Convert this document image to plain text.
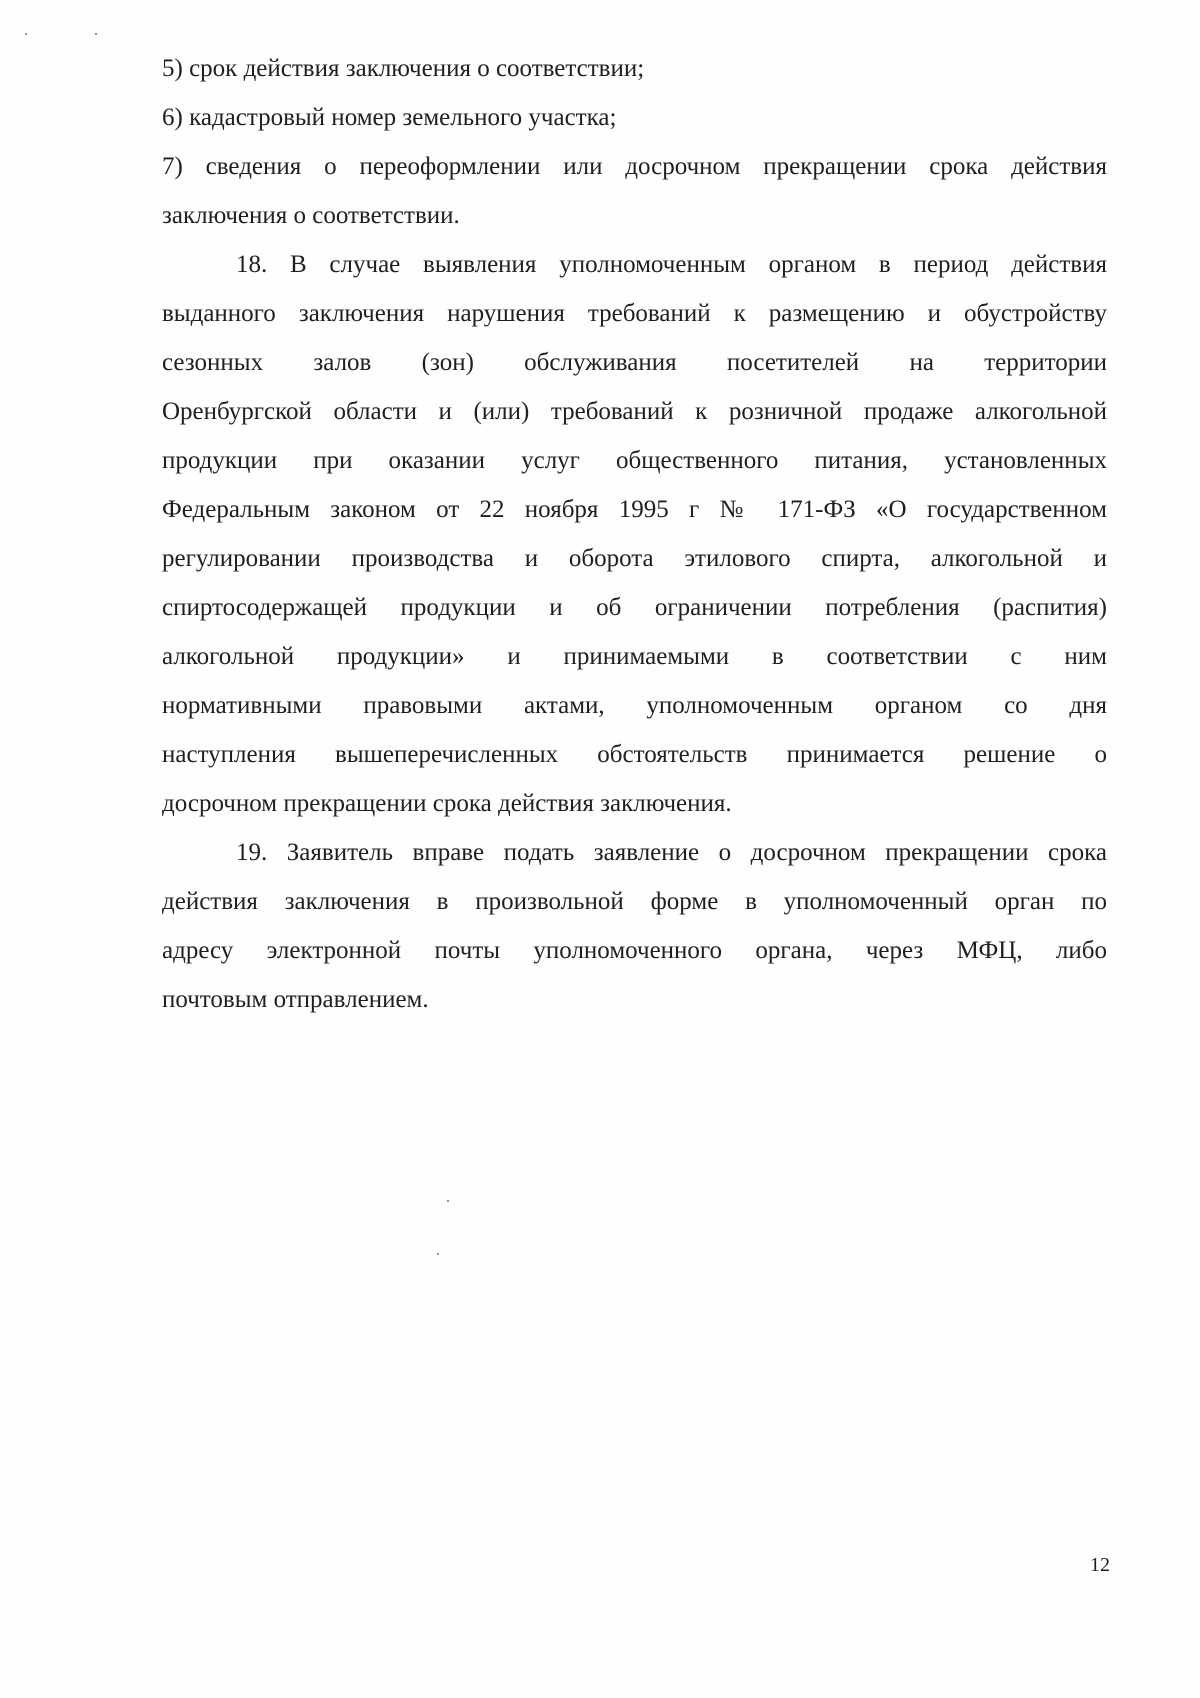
5) срок действия заключения о соответствии;
6) кадастровый номер земельного участка;
7) сведения о переоформлении или досрочном прекращении срока действия
заключения о соответствии.
18. В случае выявления уполномоченным органом в период действия
выданного заключения нарушения требований к размещению и обустройству
сезонных залов (зон) обслуживания посетителей на территории
Оренбургской области и (или) требований к розничной продаже алкогольной
продукции при оказании услуг общественного питания, установленных
Федеральным законом от 22 ноября 1995 г № 171-ФЗ «О государственном
регулировании производства и оборота этилового спирта, алкогольной и
спиртосодержащей продукции и об ограничении потребления (распития)
алкогольной продукции» и принимаемыми в соответствии с ним
нормативными правовыми актами, уполномоченным органом со дня
наступления вышеперечисленных обстоятельств принимается решение о
досрочном прекращении срока действия заключения.
19. Заявитель вправе подать заявление о досрочном прекращении срока
действия заключения в произвольной форме в уполномоченный орган по
адресу электронной почты уполномоченного органа, через МФЦ, либо
почтовым отправлением.
12
